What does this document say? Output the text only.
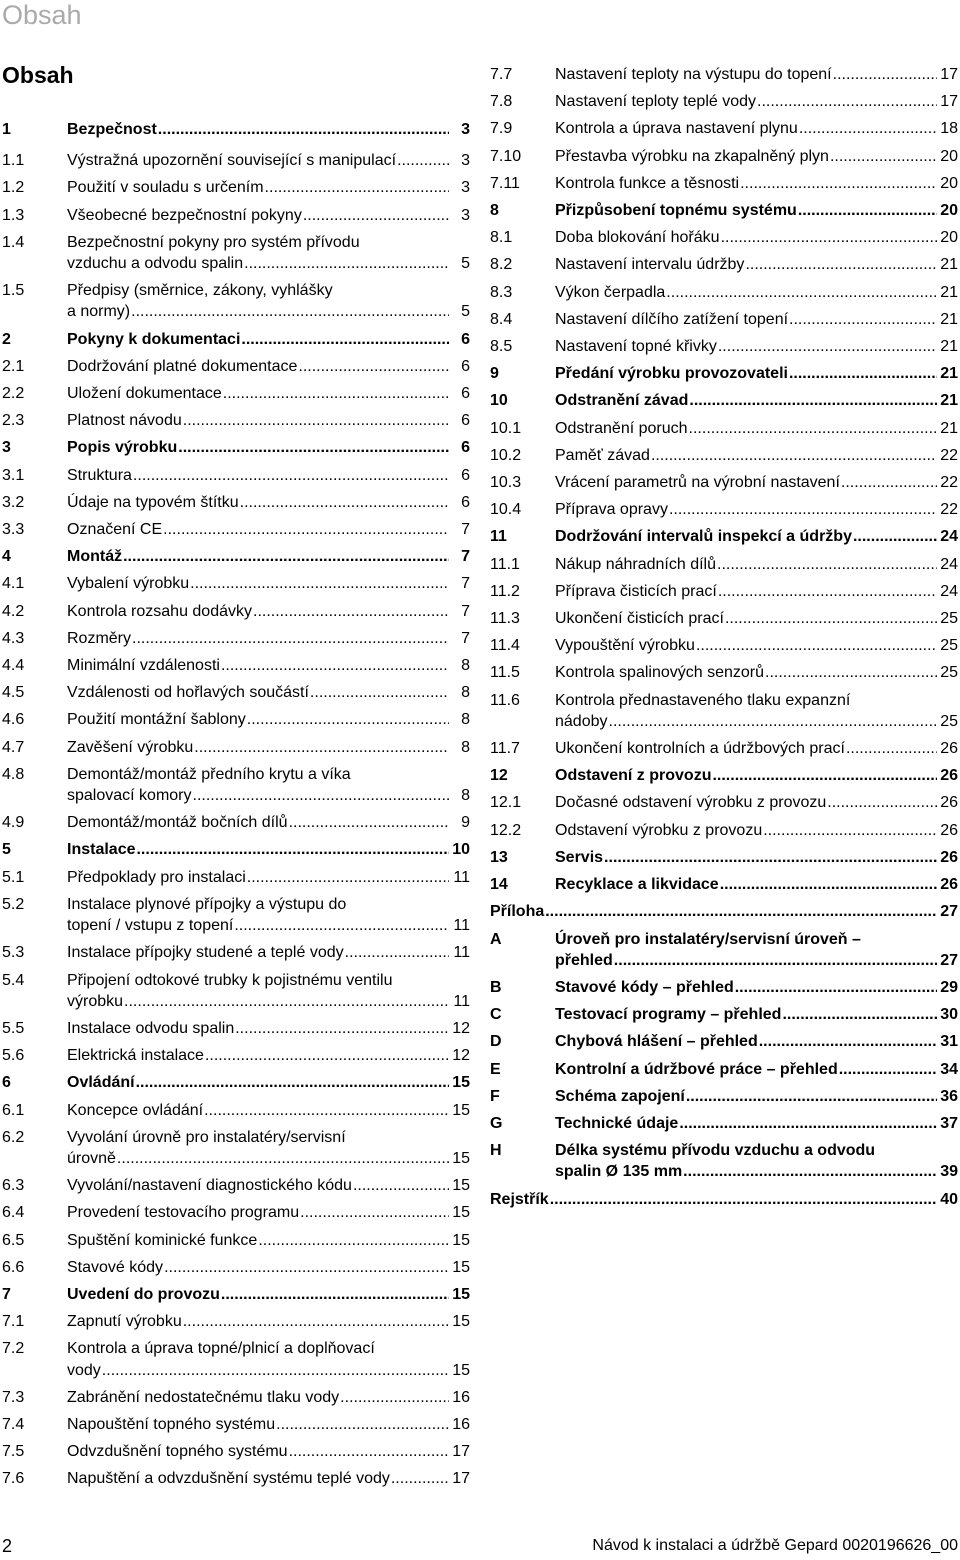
Obsah
Obsah
1	Bezpečnost .....	3
1.1	Výstražná upozornění související s manipulací .....	3
1.2	Použití v souladu s určením .....	3
1.3	Všeobecné bezpečnostní pokyny .....	3
1.4	Bezpečnostní pokyny pro systém přívodu
vzduchu a odvodu spalin .....	5
1.5	Předpisy (směrnice, zákony, vyhlášky
a normy) .....	5
2	Pokyny k dokumentaci .....	6
2.1	Dodržování platné dokumentace .....	6
2.2	Uložení dokumentace .....	6
2.3	Platnost návodu .....	6
3	Popis výrobku .....	6
3.1	Struktura .....	6
3.2	Údaje na typovém štítku .....	6
3.3	Označení CE .....	7
4	Montáž .....	7
4.1	Vybalení výrobku .....	7
4.2	Kontrola rozsahu dodávky .....	7
4.3	Rozměry .....	7
4.4	Minimální vzdálenosti .....	8
4.5	Vzdálenosti od hořlavých součástí .....	8
4.6	Použití montážní šablony .....	8
4.7	Zavěšení výrobku .....	8
4.8	Demontáž/montáž předního krytu a víka
spalovací komory .....	8
4.9	Demontáž/montáž bočních dílů .....	9
5	Instalace .....	10
5.1	Předpoklady pro instalaci .....	11
5.2	Instalace plynové přípojky a výstupu do
topení / vstupu z topení .....	11
5.3	Instalace přípojky studené a teplé vody .....	11
5.4	Připojení odtokové trubky k pojistnému ventilu
výrobku .....	11
5.5	Instalace odvodu spalin .....	12
5.6	Elektrická instalace .....	12
6	Ovládání .....	15
6.1	Koncepce ovládání .....	15
6.2	Vyvolání úrovně pro instalatéry/servisní
úrovně .....	15
6.3	Vyvolání/nastavení diagnostického kódu .....	15
6.4	Provedení testovacího programu .....	15
6.5	Spuštění kominické funkce .....	15
6.6	Stavové kódy .....	15
7	Uvedení do provozu .....	15
7.1	Zapnutí výrobku .....	15
7.2	Kontrola a úprava topné/plnicí a doplňovací
vody .....	15
7.3	Zabránění nedostatečnému tlaku vody .....	16
7.4	Napouštění topného systému .....	16
7.5	Odvzdušnění topného systému .....	17
7.6	Napuštění a odvzdušnění systému teplé vody .....	17
7.7	Nastavení teploty na výstupu do topení .....	17
7.8	Nastavení teploty teplé vody .....	17
7.9	Kontrola a úprava nastavení plynu .....	18
7.10 Přestavba výrobku na zkapalněný plyn .....	20
7.11 Kontrola funkce a těsnosti .....	20
8	Přizpůsobení topnému systému .....	20
8.1	Doba blokování hořáku .....	20
8.2	Nastavení intervalu údržby .....	21
8.3	Výkon čerpadla .....	21
8.4	Nastavení dílčího zatížení topení .....	21
8.5	Nastavení topné křivky .....	21
9	Předání výrobku provozovateli .....	21
10	Odstranění závad .....	21
10.1 Odstranění poruch .....	21
10.2 Paměť závad .....	22
10.3 Vrácení parametrů na výrobní nastavení .....	22
10.4 Příprava opravy .....	22
11	Dodržování intervalů inspekcí a údržby .....	24
11.1 Nákup náhradních dílů .....	24
11.2 Příprava čisticích prací .....	24
11.3 Ukončení čisticích prací .....	25
11.4 Vypouštění výrobku .....	25
11.5 Kontrola spalinových senzorů .....	25
11.6 Kontrola přednastaveného tlaku expanzní
nádoby .....	25
11.7 Ukončení kontrolních a údržbových prací .....	26
12	Odstavení z provozu .....	26
12.1 Dočasné odstavení výrobku z provozu .....	26
12.2 Odstavení výrobku z provozu .....	26
13	Servis .....	26
14	Recyklace a likvidace .....	26
Příloha .....	27
A	Úroveň pro instalatéry/servisní úroveň –
přehled .....	27
B	Stavové kódy – přehled .....	29
C	Testovací programy – přehled .....	30
D	Chybová hlášení – přehled .....	31
E	Kontrolní a údržbové práce – přehled .....	34
F	Schéma zapojení .....	36
G	Technické údaje .....	37
H	Délka systému přívodu vzduchu a odvodu
spalin Ø 135 mm .....	39
Rejstřík .....	40
2	Návod k instalaci a údržbě Gepard 0020196626_00
